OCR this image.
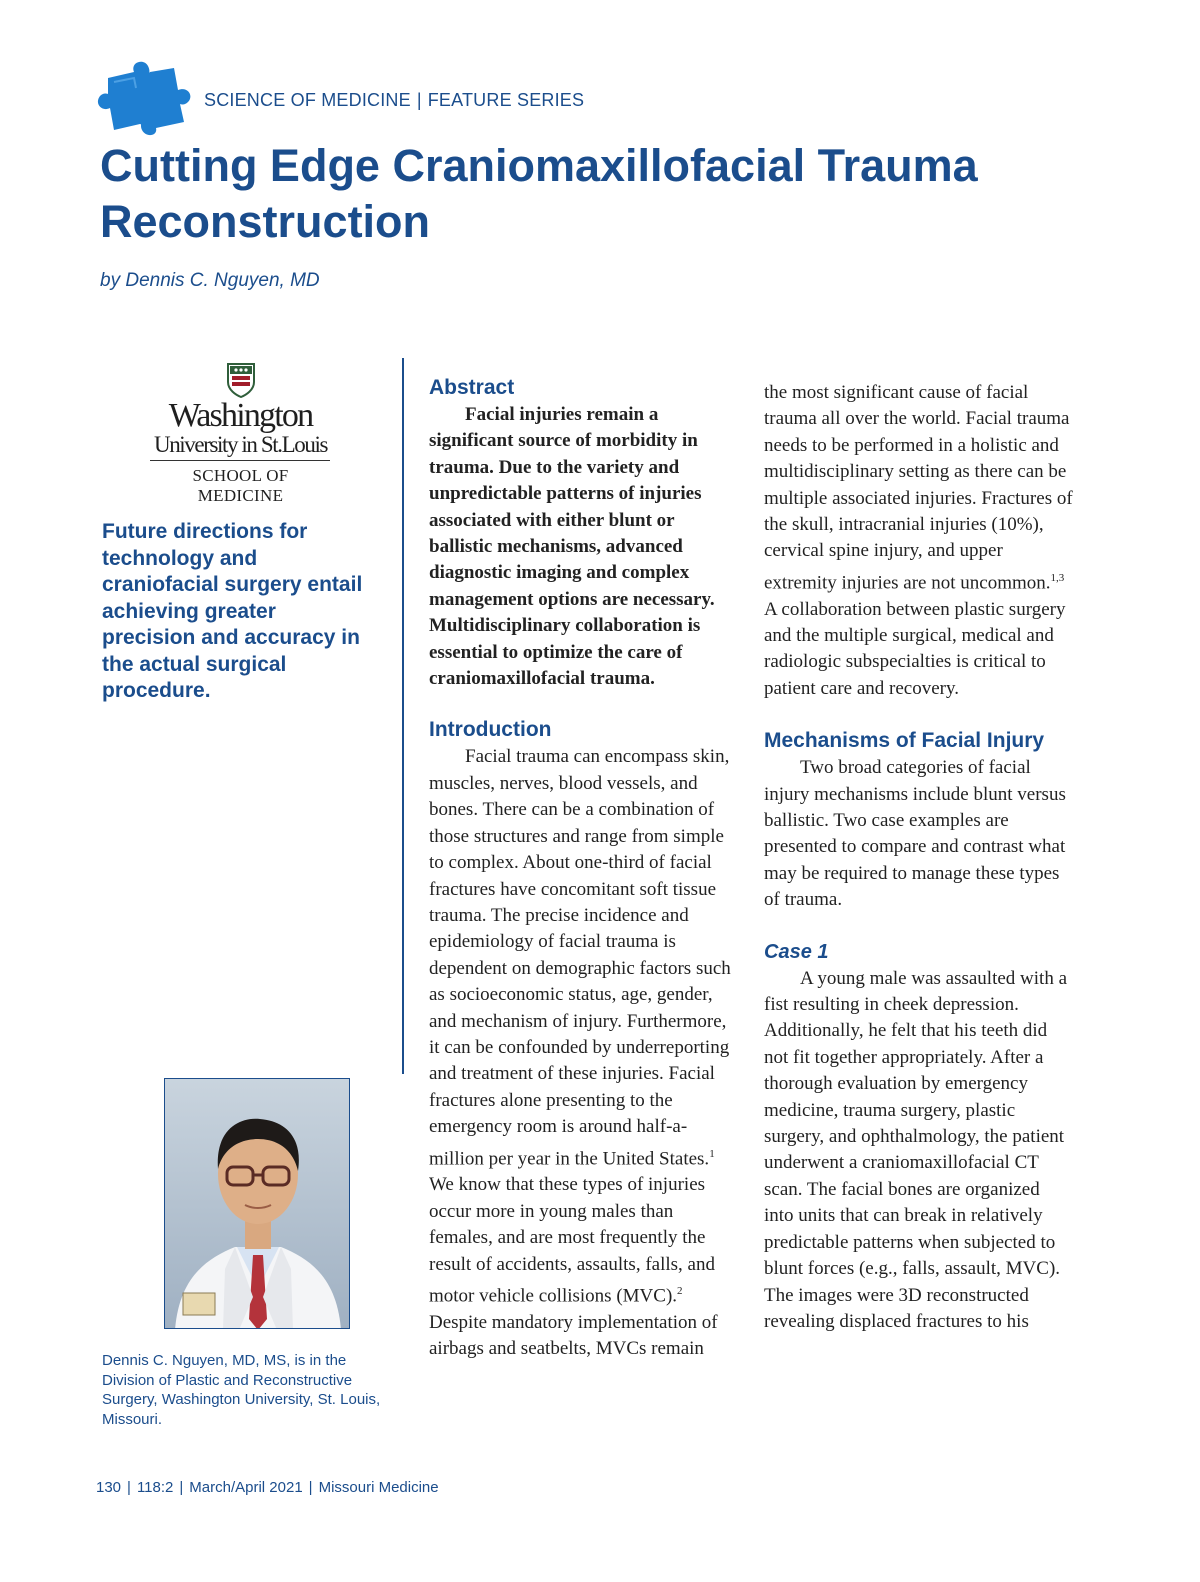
SCIENCE OF MEDICINE | FEATURE SERIES
Cutting Edge Craniomaxillofacial Trauma Reconstruction
by Dennis C. Nguyen, MD
Washington
University in St.Louis
SCHOOL OF MEDICINE
Future directions for technology and craniofacial surgery entail achieving greater precision and accuracy in the actual surgical procedure.
Dennis C. Nguyen, MD, MS, is in the Division of Plastic and Reconstructive Surgery, Washington University, St. Louis, Missouri.
Abstract

Facial injuries remain a significant source of morbidity in trauma. Due to the variety and unpredictable patterns of injuries associated with either blunt or ballistic mechanisms, advanced diagnostic imaging and complex management options are necessary. Multidisciplinary collaboration is essential to optimize the care of craniomaxillofacial trauma.

Introduction

Facial trauma can encompass skin, muscles, nerves, blood vessels, and bones. There can be a combination of those structures and range from simple to complex. About one-third of facial fractures have concomitant soft tissue trauma. The precise incidence and epidemiology of facial trauma is dependent on demographic factors such as socioeconomic status, age, gender, and mechanism of injury. Furthermore, it can be confounded by underreporting and treatment of these injuries. Facial fractures alone presenting to the emergency room is around half-a-million per year in the United States.$^1$ We know that these types of injuries occur more in young males than females, and are most frequently the result of accidents, assaults, falls, and motor vehicle collisions (MVC).$^2$ Despite mandatory implementation of airbags and seatbelts, MVCs remain

the most significant cause of facial trauma all over the world. Facial trauma needs to be performed in a holistic and multidisciplinary setting as there can be multiple associated injuries. Fractures of the skull, intracranial injuries (10%), cervical spine injury, and upper extremity injuries are not uncommon.$^{1,3}$ A collaboration between plastic surgery and the multiple surgical, medical and radiologic subspecialties is critical to patient care and recovery.

Mechanisms of Facial Injury

Two broad categories of facial injury mechanisms include blunt versus ballistic. Two case examples are presented to compare and contrast what may be required to manage these types of trauma.

Case 1

A young male was assaulted with a fist resulting in cheek depression. Additionally, he felt that his teeth did not fit together appropriately. After a thorough evaluation by emergency medicine, trauma surgery, plastic surgery, and ophthalmology, the patient underwent a craniomaxillofacial CT scan. The facial bones are organized into units that can break in relatively predictable patterns when subjected to blunt forces (e.g., falls, assault, MVC). The images were 3D reconstructed revealing displaced fractures to his

130 | 118:2 | March/April 2021 | Missouri Medicine
